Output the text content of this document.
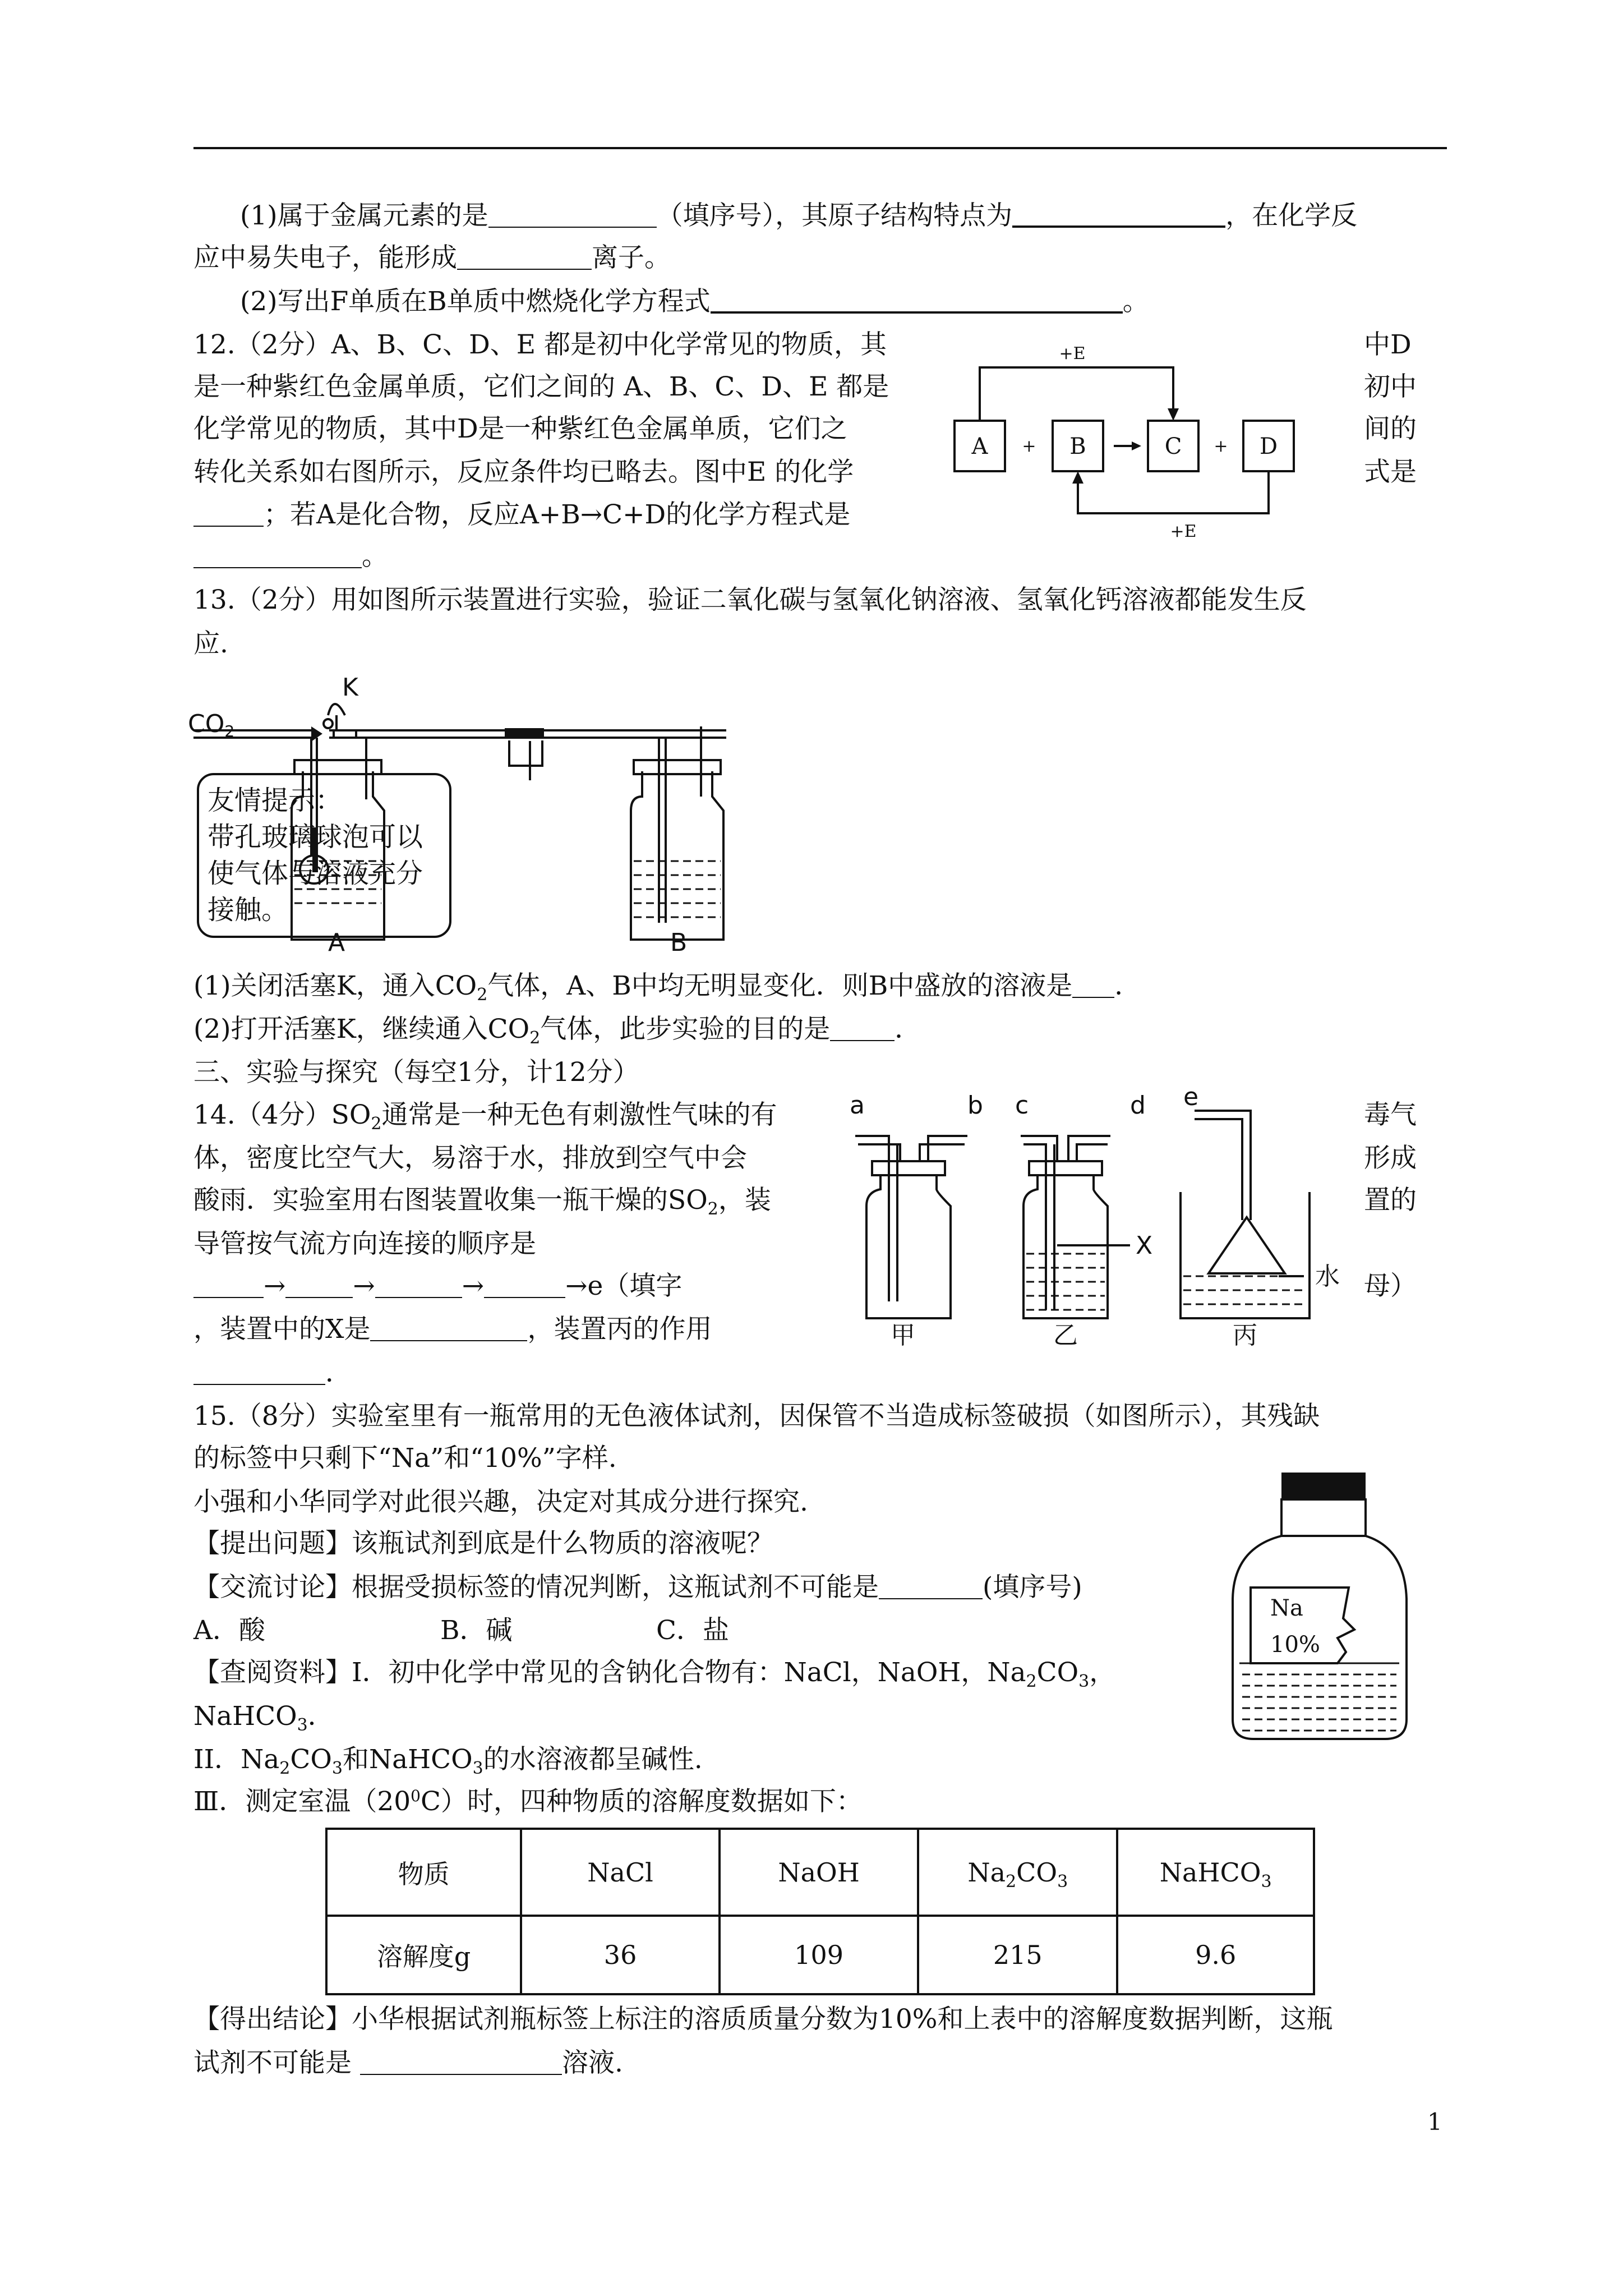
(1)属于金属元素的是	（填序号），其原子结构特点为	，在化学反
应中易失电子，能形成	离子。
(2)写出F单质在B单质中燃烧化学方程式	。
12.（2分）A、B、C、D、E 都是初中化学常见的物质，其
是一种紫红色金属单质，它们之间的 A、B、C、D、E 都是
化学常见的物质，其中D是一种紫红色金属单质，它们之
转化关系如右图所示，反应条件均已略去。图中E 的化学
；若A是化合物，反应A+B→C+D的化学方程式是
。
中D
初中
间的
式是
A	B	C	D
+	+
+E
+E
13.（2分）用如图所示装置进行实验，验证二氧化碳与氢氧化钠溶液、氢氧化钙溶液都能发生反
应.
K
A	B
CO2
友情提示：
带孔玻璃球泡可以
使气体与溶液充分
接触。
(1)关闭活塞K，通入$CO_2$气体，A、B中均无明显变化．则B中盛放的溶液是 ．
(2)打开活塞K，继续通入$CO_2$气体，此步实验的目的是 ．
三、实验与探究（每空1分，计12分）
14.（4分）$SO_2$通常是一种无色有刺激性气味的有
体，密度比空气大，易溶于水，排放到空气中会
酸雨．实验室用右图装置收集一瓶干燥的$SO_2$，装
导管按气流方向连接的顺序是
→	→	→	→e（填字
，装置中的X是	，装置丙的作用
．
毒气
形成
置的
母）
a	b c	d e
X
水
甲	乙	丙
15.（8分）实验室里有一瓶常用的无色液体试剂，因保管不当造成标签破损（如图所示），其残缺
的标签中只剩下“Na”和“10%”字样.
小强和小华同学对此很兴趣，决定对其成分进行探究.
【提出问题】该瓶试剂到底是什么物质的溶液呢？
【交流讨论】根据受损标签的情况判断，这瓶试剂不可能是	(填序号)
A．酸	B．碱	C．盐
【查阅资料】I．初中化学中常见的含钠化合物有：NaCl，NaOH，$Na_2CO_3$，
NaHCO$_3$．
II．$Na_2CO_3$和NaHCO$_3$的水溶液都呈碱性.
Ⅲ．测定室温$(20^0C)$时，四种物质的溶解度数据如下：
Na
10%
物质	NaCl	NaOH	$Na_2CO_3$	NaHCO$_3$
溶解度g	36	109	215	9.6
【得出结论】小华根据试剂瓶标签上标注的溶质质量分数为10%和上表中的溶解度数据判断，这瓶
试剂不可能是	溶液.
1
